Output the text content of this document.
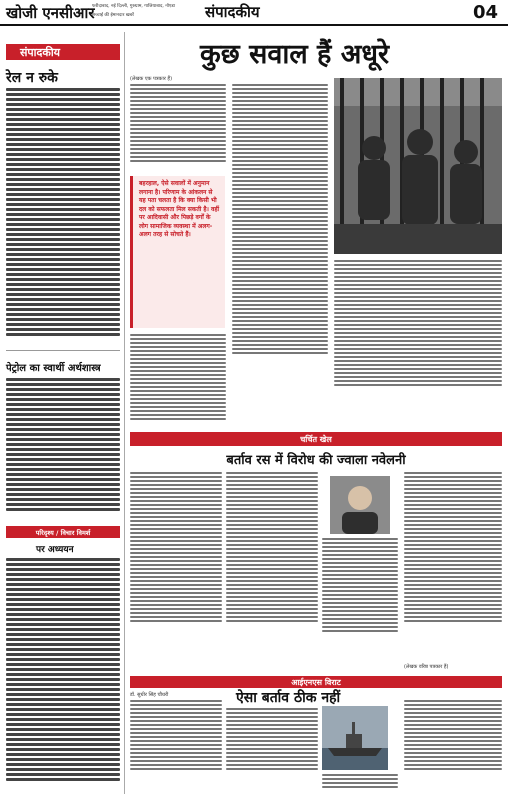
खोजी एनसीआर
फरीदाबाद, नई दिल्ली, गुरुग्राम, गाजियाबाद, नोएडा
सच्चाई की ईमानदार खबरें	संपादकीय	04
संपादकीय
रेल न रुके
पेट्रोल का स्वार्थी अर्थशास्त्र
परिदृश्य / विचार विमर्श
पर अध्ययन
कुछ सवाल हैं अधूरे
(लेखक एक पत्रकार हैं)
बहरहाल, ऐसे सवालों में अनुमान लगाना है। परिणाम के आंकलन से यह पता चलता है कि क्या किसी भी दल को सफलता मिल सकती है। वहीं पर आदिवासी और पिछड़े वर्गों के लोग सामाजिक व्यवस्था में अलग-अलग तरह से सोचते हैं।
चर्चित खेल
बर्ताव रस में विरोध की ज्वाला नवेलनी
(लेखक वरिष्ठ पत्रकार हैं)
आईएनएस विराट
डॉ. सुधीर सिंह चौधरी	ऐसा बर्ताव ठीक नहीं
